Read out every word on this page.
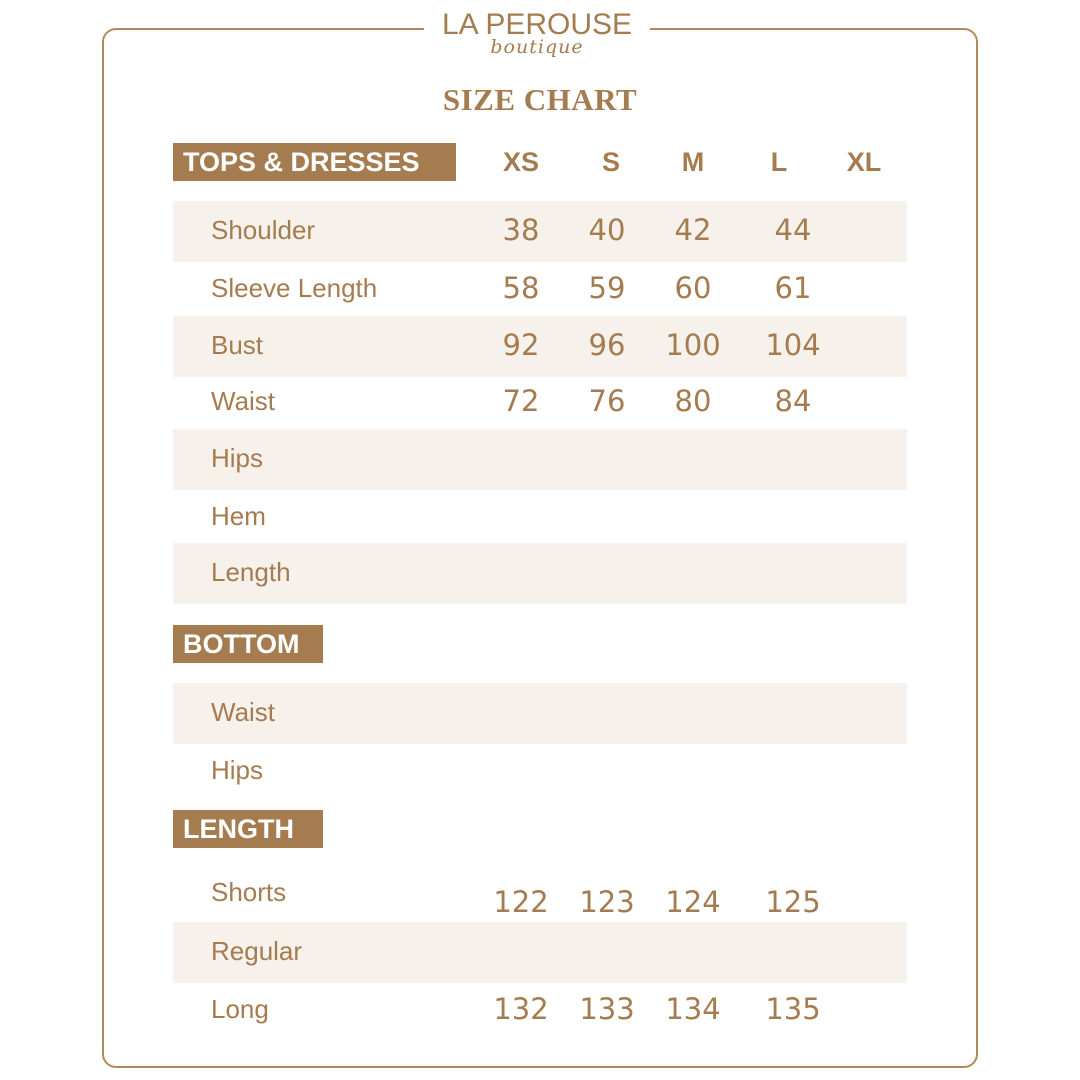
LA PEROUSE
boutique
SIZE CHART
TOPS & DRESSES	XS	S	M	L	XL
Shoulder	38	40	42	44
Sleeve Length	58	59	60	61
Bust	92	96	100	104
Waist	72	76	80	84
Hips
Hem
Length
BOTTOM
Waist
Hips
LENGTH
Shorts	122	123	124	125
Regular
Long	132	133	134	135
